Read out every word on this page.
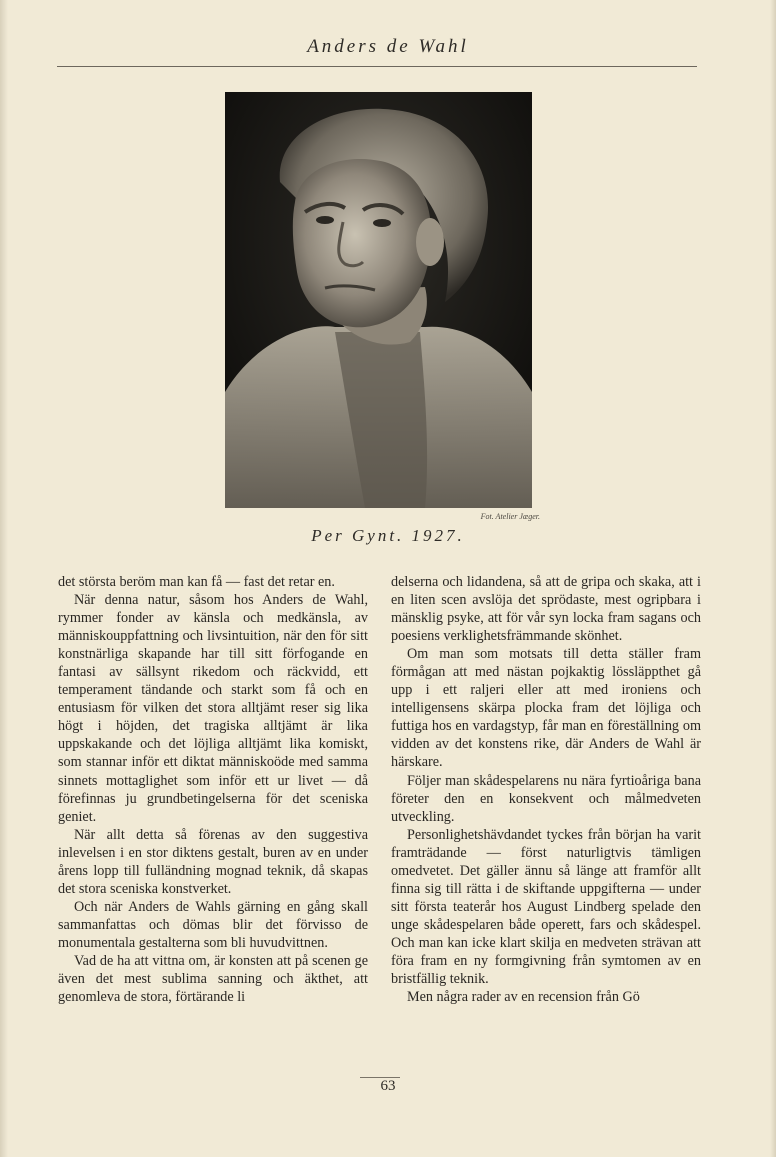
Anders de Wahl
Fot. Atelier Jæger.
Per Gynt. 1927.

det största beröm man kan få — fast det retar en.

När denna natur, såsom hos Anders de Wahl, rymmer fonder av känsla och medkänsla, av människouppfattning och livsintuition, när den för sitt konstnärliga skapande har till sitt förfogande en fantasi av sällsynt rikedom och räckvidd, ett temperament tändande och starkt som få och en entusiasm för vilken det stora alltjämt reser sig lika högt i höjden, det tragiska alltjämt är lika uppskakande och det löjliga alltjämt lika komiskt, som stannar inför ett diktat människoöde med samma sinnets mottaglighet som inför ett ur livet — då förefinnas ju grundbetingelserna för det sceniska geniet.

När allt detta så förenas av den suggestiva inlevelsen i en stor diktens gestalt, buren av en under årens lopp till fulländning mognad teknik, då skapas det stora sceniska konstverket.

Och när Anders de Wahls gärning en gång skall sammanfattas och dömas blir det förvisso de monumentala gestalterna som bli huvudvittnen.

Vad de ha att vittna om, är konsten att på scenen ge även det mest sublima sanning och äkthet, att genomleva de stora, förtärande li

delserna och lidandena, så att de gripa och skaka, att i en liten scen avslöja det sprödaste, mest ogripbara i mänsklig psyke, att för vår syn locka fram sagans och poesiens verklighetsfrämmande skönhet.

Om man som motsats till detta ställer fram förmågan att med nästan pojkaktig lössläppthet gå upp i ett raljeri eller att med ironiens och intelligensens skärpa plocka fram det löjliga och futtiga hos en vardagstyp, får man en föreställning om vidden av det konstens rike, där Anders de Wahl är härskare.

Följer man skådespelarens nu nära fyrtioåriga bana företer den en konsekvent och målmedveten utveckling.

Personlighetshävdandet tyckes från början ha varit framträdande — först naturligtvis tämligen omedvetet. Det gäller ännu så länge att framför allt finna sig till rätta i de skiftande uppgifterna — under sitt första teaterår hos August Lindberg spelade den unge skådespelaren både operett, fars och skådespel. Och man kan icke klart skilja en medveten strävan att föra fram en ny formgivning från symtomen av en bristfällig teknik.

Men några rader av en recension från Gö

63
